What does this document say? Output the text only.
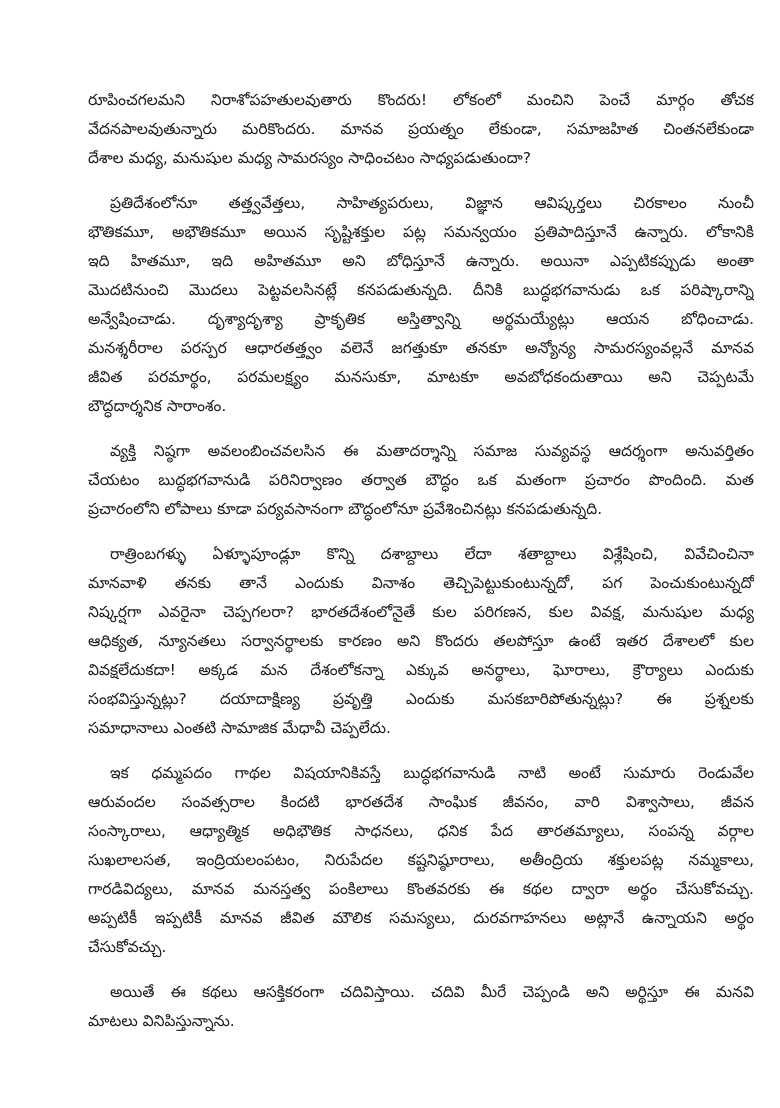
రూపించగలమని నిరాశోపహతులవుతారు కొందరు! లోకంలో మంచిని పెంచే మార్గం తోచక
వేదనపాలవుతున్నారు మరికొందరు. మానవ ప్రయత్నం లేకుండా, సమాజహిత చింతనలేకుండా
దేశాల మధ్య, మనుషుల మధ్య సామరస్యం సాధించటం సాధ్యపడుతుందా?
ప్రతిదేశంలోనూ తత్త్వవేత్తలు, సాహిత్యపరులు, విజ్ఞాన ఆవిష్కర్తలు చిరకాలం నుంచీ
భౌతికమూ, అభౌతికమూ అయిన సృష్టిశక్తుల పట్ల సమన్వయం ప్రతిపాదిస్తూనే ఉన్నారు. లోకానికి
ఇది హితమూ, ఇది అహితమూ అని బోధిస్తూనే ఉన్నారు. అయినా ఎప్పటికప్పుడు అంతా
మొదటినుంచి మొదలు పెట్టవలసినట్లే కనపడుతున్నది. దీనికి బుద్ధభగవానుడు ఒక పరిష్కారాన్ని
అన్వేషించాడు. దృశ్యాదృశ్యా ప్రాకృతిక అస్తిత్వాన్ని అర్థమయ్యేట్లు ఆయన బోధించాడు.
మనశ్శరీరాల పరస్పర ఆధారతత్త్వం వలెనే జగత్తుకూ తనకూ అన్యోన్య సామరస్యంవల్లనే మానవ
జీవిత పరమార్థం, పరమలక్ష్యం మనసుకూ, మాటకూ అవబోధకందుతాయి అని చెప్పటమే
బౌద్ధదార్శనిక సారాంశం.
వ్యక్తి నిష్ఠగా అవలంబించవలసిన ఈ మతాదర్శాన్ని సమాజ సువ్యవస్థ ఆదర్శంగా అనువర్తితం
చేయటం బుద్ధభగవానుడి పరినిర్వాణం తర్వాత బౌద్ధం ఒక మతంగా ప్రచారం పొందింది. మత
ప్రచారంలోని లోపాలు కూడా పర్యవసానంగా బౌద్ధంలోనూ ప్రవేశించినట్లు కనపడుతున్నది.
రాత్రింబగళ్ళు ఏళ్ళూపూండ్లూ కొన్ని దశాబ్దాలు లేదా శతాబ్దాలు విశ్లేషించి, వివేచించినా
మానవాళి తనకు తానే ఎందుకు వినాశం తెచ్చిపెట్టుకుంటున్నదో, పగ పెంచుకుంటున్నదో
నిష్కర్షగా ఎవరైనా చెప్పగలరా? భారతదేశంలోనైతే కుల పరిగణన, కుల వివక్ష, మనుషుల మధ్య
ఆధిక్యత, న్యూనతలు సర్వానర్థాలకు కారణం అని కొందరు తలపోస్తూ ఉంటే ఇతర దేశాలలో కుల
వివక్షలేదుకదా! అక్కడ మన దేశంలోకన్నా ఎక్కువ అనర్థాలు, ఘోరాలు, క్రౌర్యాలు ఎందుకు
సంభవిస్తున్నట్లు? దయాదాక్షిణ్య ప్రవృత్తి ఎందుకు మసకబారిపోతున్నట్లు? ఈ ప్రశ్నలకు
సమాధానాలు ఎంతటి సామాజిక మేధావీ చెప్పలేదు.
ఇక ధమ్మపదం గాథల విషయానికివస్తే బుద్ధభగవానుడి నాటి అంటే సుమారు రెండువేల
ఆరువందల సంవత్సరాల కిందటి భారతదేశ సాంఘిక జీవనం, వారి విశ్వాసాలు, జీవన
సంస్కారాలు, ఆధ్యాత్మిక అధిభౌతిక సాధనలు, ధనిక పేద తారతమ్యాలు, సంపన్న వర్గాల
సుఖలాలసత, ఇంద్రియలంపటం, నిరుపేదల కష్టనిష్ఠూరాలు, అతీంద్రియ శక్తులపట్ల నమ్మకాలు,
గారడివిద్యలు, మానవ మనస్తత్వ పంకిలాలు కొంతవరకు ఈ కథల ద్వారా అర్థం చేసుకోవచ్చు.
అప్పటికీ ఇప్పటికీ మానవ జీవిత మౌలిక సమస్యలు, దురవగాహనలు అట్లానే ఉన్నాయని అర్థం
చేసుకోవచ్చు.
అయితే ఈ కథలు ఆసక్తికరంగా చదివిస్తాయి. చదివి మీరే చెప్పండి అని అర్థిస్తూ ఈ మనవి
మాటలు వినిపిస్తున్నాను.
